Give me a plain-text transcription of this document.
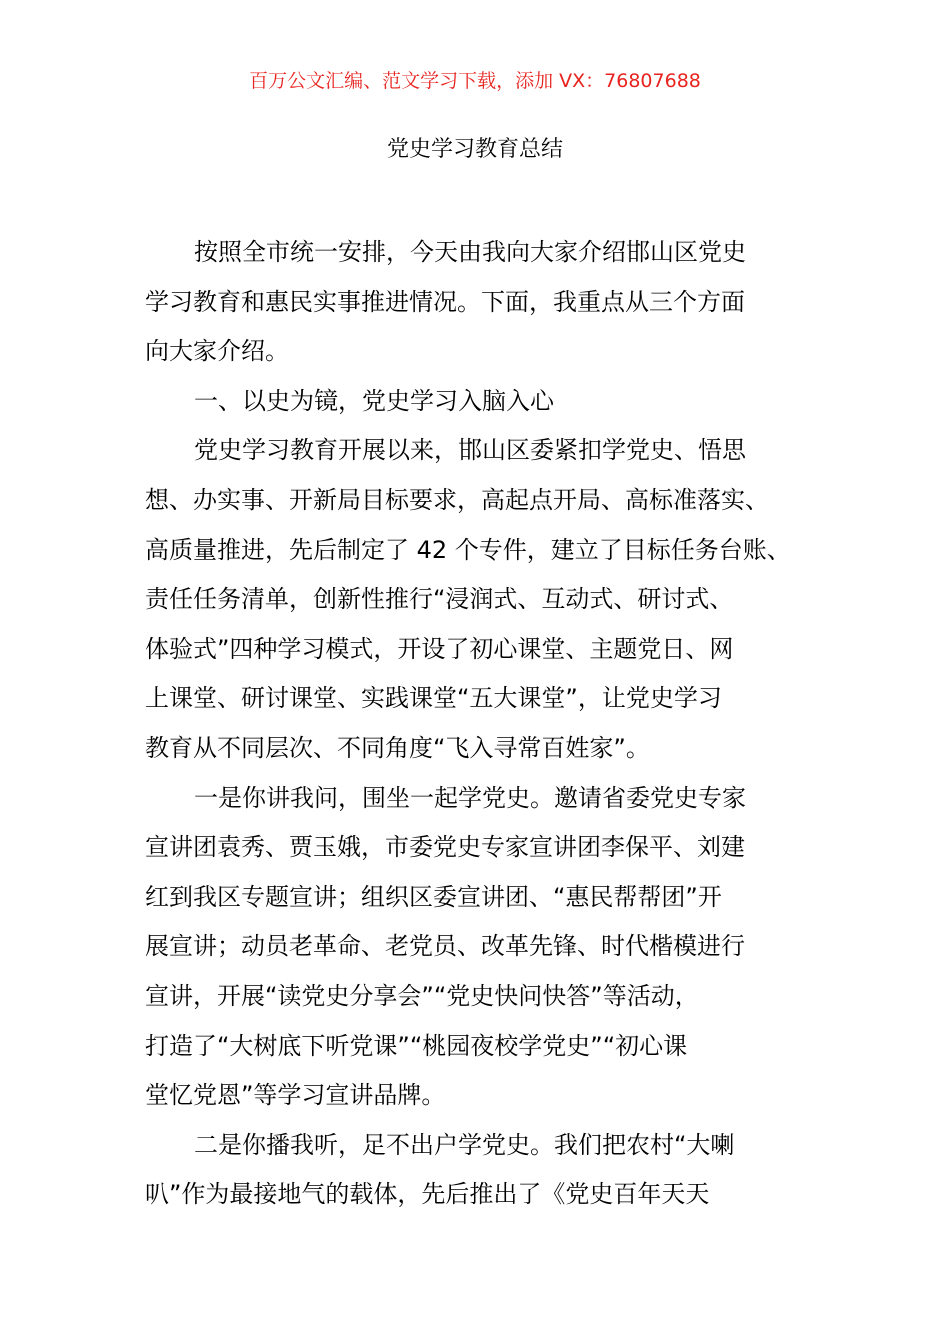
百万公文汇编、范文学习下载，添加 VX：76807688
党史学习教育总结
按照全市统一安排，今天由我向大家介绍邯山区党史
学习教育和惠民实事推进情况。下面，我重点从三个方面
向大家介绍。
一、以史为镜，党史学习入脑入心
党史学习教育开展以来，邯山区委紧扣学党史、悟思
想、办实事、开新局目标要求，高起点开局、高标准落实、
高质量推进，先后制定了 42 个专件，建立了目标任务台账、
责任任务清单，创新性推行“浸润式、互动式、研讨式、
体验式”四种学习模式，开设了初心课堂、主题党日、网
上课堂、研讨课堂、实践课堂“五大课堂”，让党史学习
教育从不同层次、不同角度“飞入寻常百姓家”。
一是你讲我问，围坐一起学党史。邀请省委党史专家
宣讲团袁秀、贾玉娥，市委党史专家宣讲团李保平、刘建
红到我区专题宣讲；组织区委宣讲团、“惠民帮帮团”开
展宣讲；动员老革命、老党员、改革先锋、时代楷模进行
宣讲，开展“读党史分享会”“党史快问快答”等活动，
打造了“大树底下听党课”“桃园夜校学党史”“初心课
堂忆党恩”等学习宣讲品牌。
二是你播我听，足不出户学党史。我们把农村“大喇
叭”作为最接地气的载体，先后推出了《党史百年天天
